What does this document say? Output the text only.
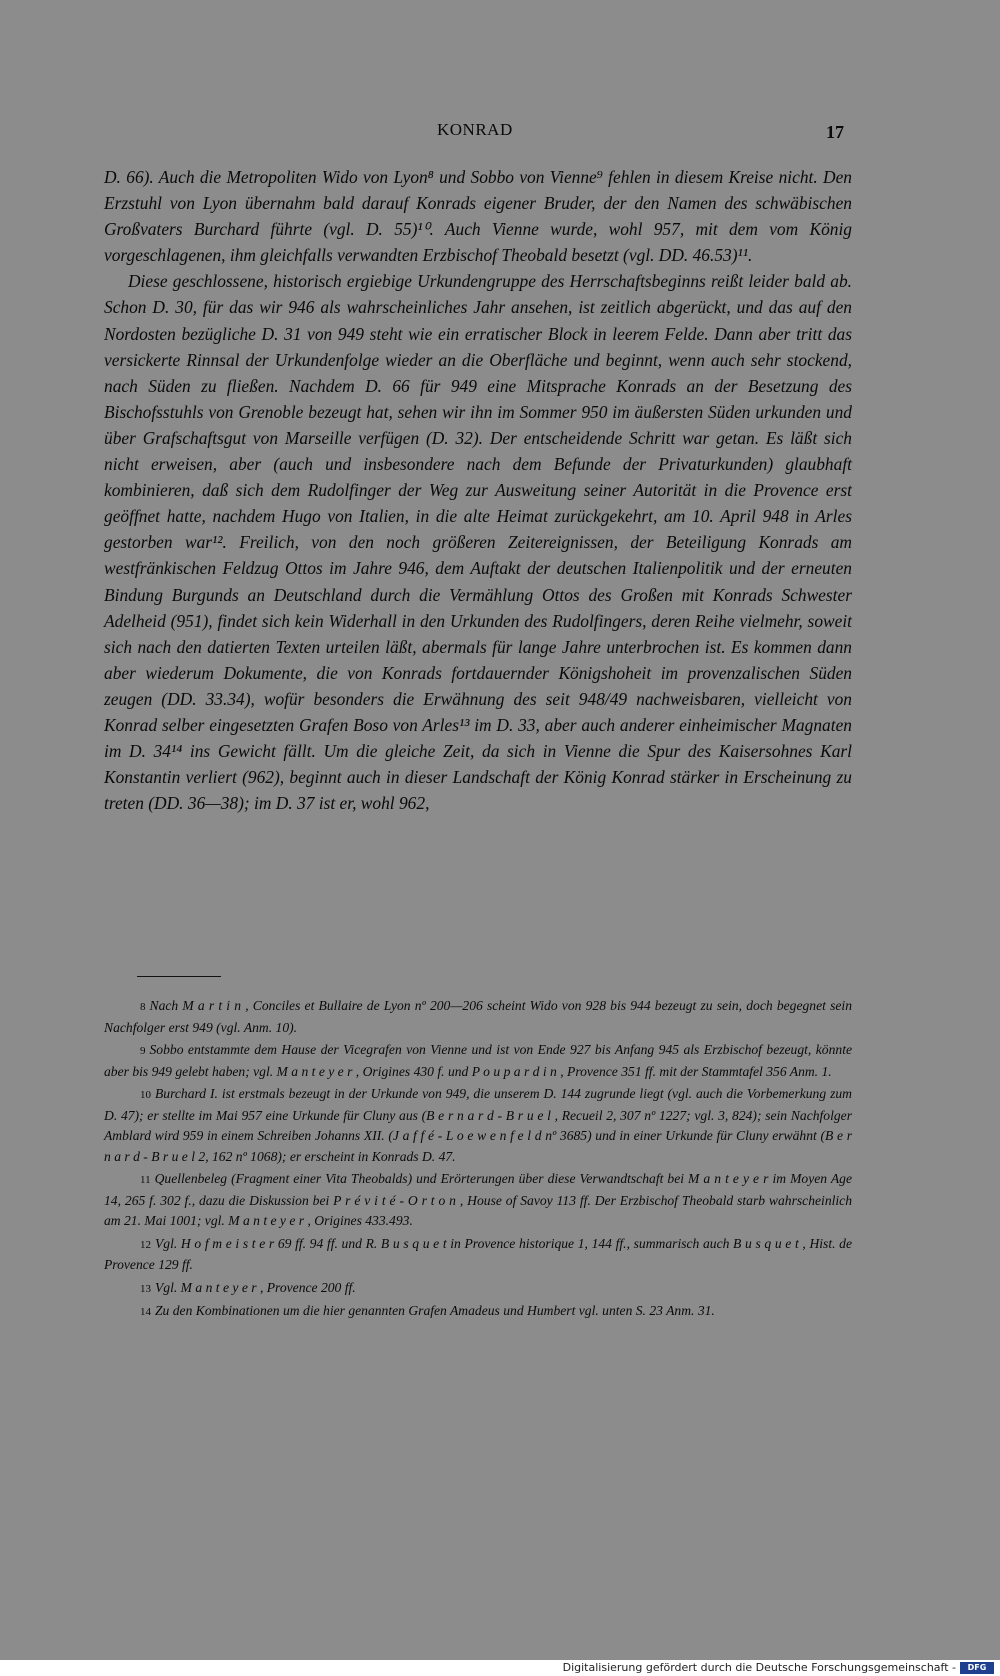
KONRAD	17

D. 66). Auch die Metropoliten Wido von Lyon⁸ und Sobbo von Vienne⁹ fehlen in diesem Kreise nicht. Den Erzstuhl von Lyon übernahm bald darauf Konrads eigener Bruder, der den Namen des schwäbischen Großvaters Burchard führte (vgl. D. 55)¹⁰. Auch Vienne wurde, wohl 957, mit dem vom König vorgeschlagenen, ihm gleichfalls verwandten Erzbischof Theobald besetzt (vgl. DD. 46.53)¹¹.

Diese geschlossene, historisch ergiebige Urkundengruppe des Herrschaftsbeginns reißt leider bald ab. Schon D. 30, für das wir 946 als wahrscheinliches Jahr ansehen, ist zeitlich abgerückt, und das auf den Nordosten bezügliche D. 31 von 949 steht wie ein erratischer Block in leerem Felde. Dann aber tritt das versickerte Rinnsal der Urkundenfolge wieder an die Oberfläche und beginnt, wenn auch sehr stockend, nach Süden zu fließen. Nachdem D. 66 für 949 eine Mitsprache Konrads an der Besetzung des Bischofsstuhls von Grenoble bezeugt hat, sehen wir ihn im Sommer 950 im äußersten Süden urkunden und über Grafschaftsgut von Marseille verfügen (D. 32). Der entscheidende Schritt war getan. Es läßt sich nicht erweisen, aber (auch und insbesondere nach dem Befunde der Privaturkunden) glaubhaft kombinieren, daß sich dem Rudolfinger der Weg zur Ausweitung seiner Autorität in die Provence erst geöffnet hatte, nachdem Hugo von Italien, in die alte Heimat zurückgekehrt, am 10. April 948 in Arles gestorben war¹². Freilich, von den noch größeren Zeitereignissen, der Beteiligung Konrads am westfränkischen Feldzug Ottos im Jahre 946, dem Auftakt der deutschen Italienpolitik und der erneuten Bindung Burgunds an Deutschland durch die Vermählung Ottos des Großen mit Konrads Schwester Adelheid (951), findet sich kein Widerhall in den Urkunden des Rudolfingers, deren Reihe vielmehr, soweit sich nach den datierten Texten urteilen läßt, abermals für lange Jahre unterbrochen ist. Es kommen dann aber wiederum Dokumente, die von Konrads fortdauernder Königshoheit im provenzalischen Süden zeugen (DD. 33.34), wofür besonders die Erwähnung des seit 948/49 nachweisbaren, vielleicht von Konrad selber eingesetzten Grafen Boso von Arles¹³ im D. 33, aber auch anderer einheimischer Magnaten im D. 34¹⁴ ins Gewicht fällt. Um die gleiche Zeit, da sich in Vienne die Spur des Kaisersohnes Karl Konstantin verliert (962), beginnt auch in dieser Landschaft der König Konrad stärker in Erscheinung zu treten (DD. 36—38); im D. 37 ist er, wohl 962,

8 Nach M a r t i n , Conciles et Bullaire de Lyon nº 200—206 scheint Wido von 928 bis 944 bezeugt zu sein, doch begegnet sein Nachfolger erst 949 (vgl. Anm. 10).

9 Sobbo entstammte dem Hause der Vicegrafen von Vienne und ist von Ende 927 bis Anfang 945 als Erzbischof bezeugt, könnte aber bis 949 gelebt haben; vgl. M a n t e y e r , Origines 430 f. und P o u p a r d i n , Provence 351 ff. mit der Stammtafel 356 Anm. 1.

10 Burchard I. ist erstmals bezeugt in der Urkunde von 949, die unserem D. 144 zugrunde liegt (vgl. auch die Vorbemerkung zum D. 47); er stellte im Mai 957 eine Urkunde für Cluny aus (B e r n a r d - B r u e l , Recueil 2, 307 nº 1227; vgl. 3, 824); sein Nachfolger Amblard wird 959 in einem Schreiben Johanns XII. (J a f f é - L o e w e n f e l d nº 3685) und in einer Urkunde für Cluny erwähnt (B e r n a r d - B r u e l 2, 162 nº 1068); er erscheint in Konrads D. 47.

11 Quellenbeleg (Fragment einer Vita Theobalds) und Erörterungen über diese Verwandtschaft bei M a n t e y e r im Moyen Age 14, 265 f. 302 f., dazu die Diskussion bei P r é v i t é - O r t o n , House of Savoy 113 ff. Der Erzbischof Theobald starb wahrscheinlich am 21. Mai 1001; vgl. M a n t e y e r , Origines 433.493.

12 Vgl. H o f m e i s t e r 69 ff. 94 ff. und R. B u s q u e t in Provence historique 1, 144 ff., summarisch auch B u s q u e t , Hist. de Provence 129 ff.

13 Vgl. M a n t e y e r , Provence 200 ff.

14 Zu den Kombinationen um die hier genannten Grafen Amadeus und Humbert vgl. unten S. 23 Anm. 31.

Digitalisierung gefördert durch die Deutsche Forschungsgemeinschaft -	DFG
